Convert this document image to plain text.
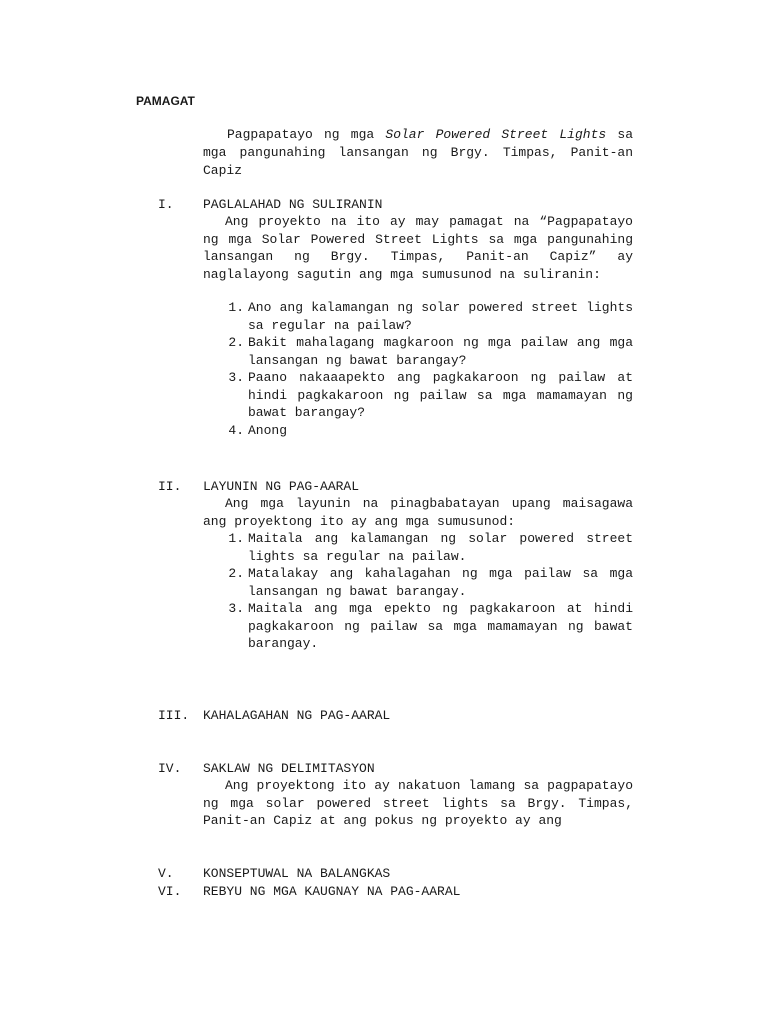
PAMAGAT
Pagpapatayo ng mga Solar Powered Street Lights sa mga pangunahing lansangan ng Brgy. Timpas, Panit-an Capiz
I.	PAGLALAHAD NG SULIRANIN
Ang proyekto na ito ay may pamagat na “Pagpapatayo ng mga Solar Powered Street Lights sa mga pangunahing lansangan ng Brgy. Timpas, Panit-an Capiz” ay naglalayong sagutin ang mga sumusunod na suliranin:
1. Ano ang kalamangan ng solar powered street lights sa regular na pailaw?
2. Bakit mahalagang magkaroon ng mga pailaw ang mga lansangan ng bawat barangay?
3. Paano nakaaapekto ang pagkakaroon ng pailaw at hindi pagkakaroon ng pailaw sa mga mamamayan ng bawat barangay?
4. Anong
II.	LAYUNIN NG PAG-AARAL
Ang mga layunin na pinagbabatayan upang maisagawa ang proyektong ito ay ang mga sumusunod:
1. Maitala ang kalamangan ng solar powered street lights sa regular na pailaw.
2. Matalakay ang kahalagahan ng mga pailaw sa mga lansangan ng bawat barangay.
3. Maitala ang mga epekto ng pagkakaroon at hindi pagkakaroon ng pailaw sa mga mamamayan ng bawat barangay.
III.	KAHALAGAHAN NG PAG-AARAL
IV.	SAKLAW NG DELIMITASYON
Ang proyektong ito ay nakatuon lamang sa pagpapatayo ng mga solar powered street lights sa Brgy. Timpas, Panit-an Capiz at ang pokus ng proyekto ay ang
V.	KONSEPTUWAL NA BALANGKAS
VI.	REBYU NG MGA KAUGNAY NA PAG-AARAL
